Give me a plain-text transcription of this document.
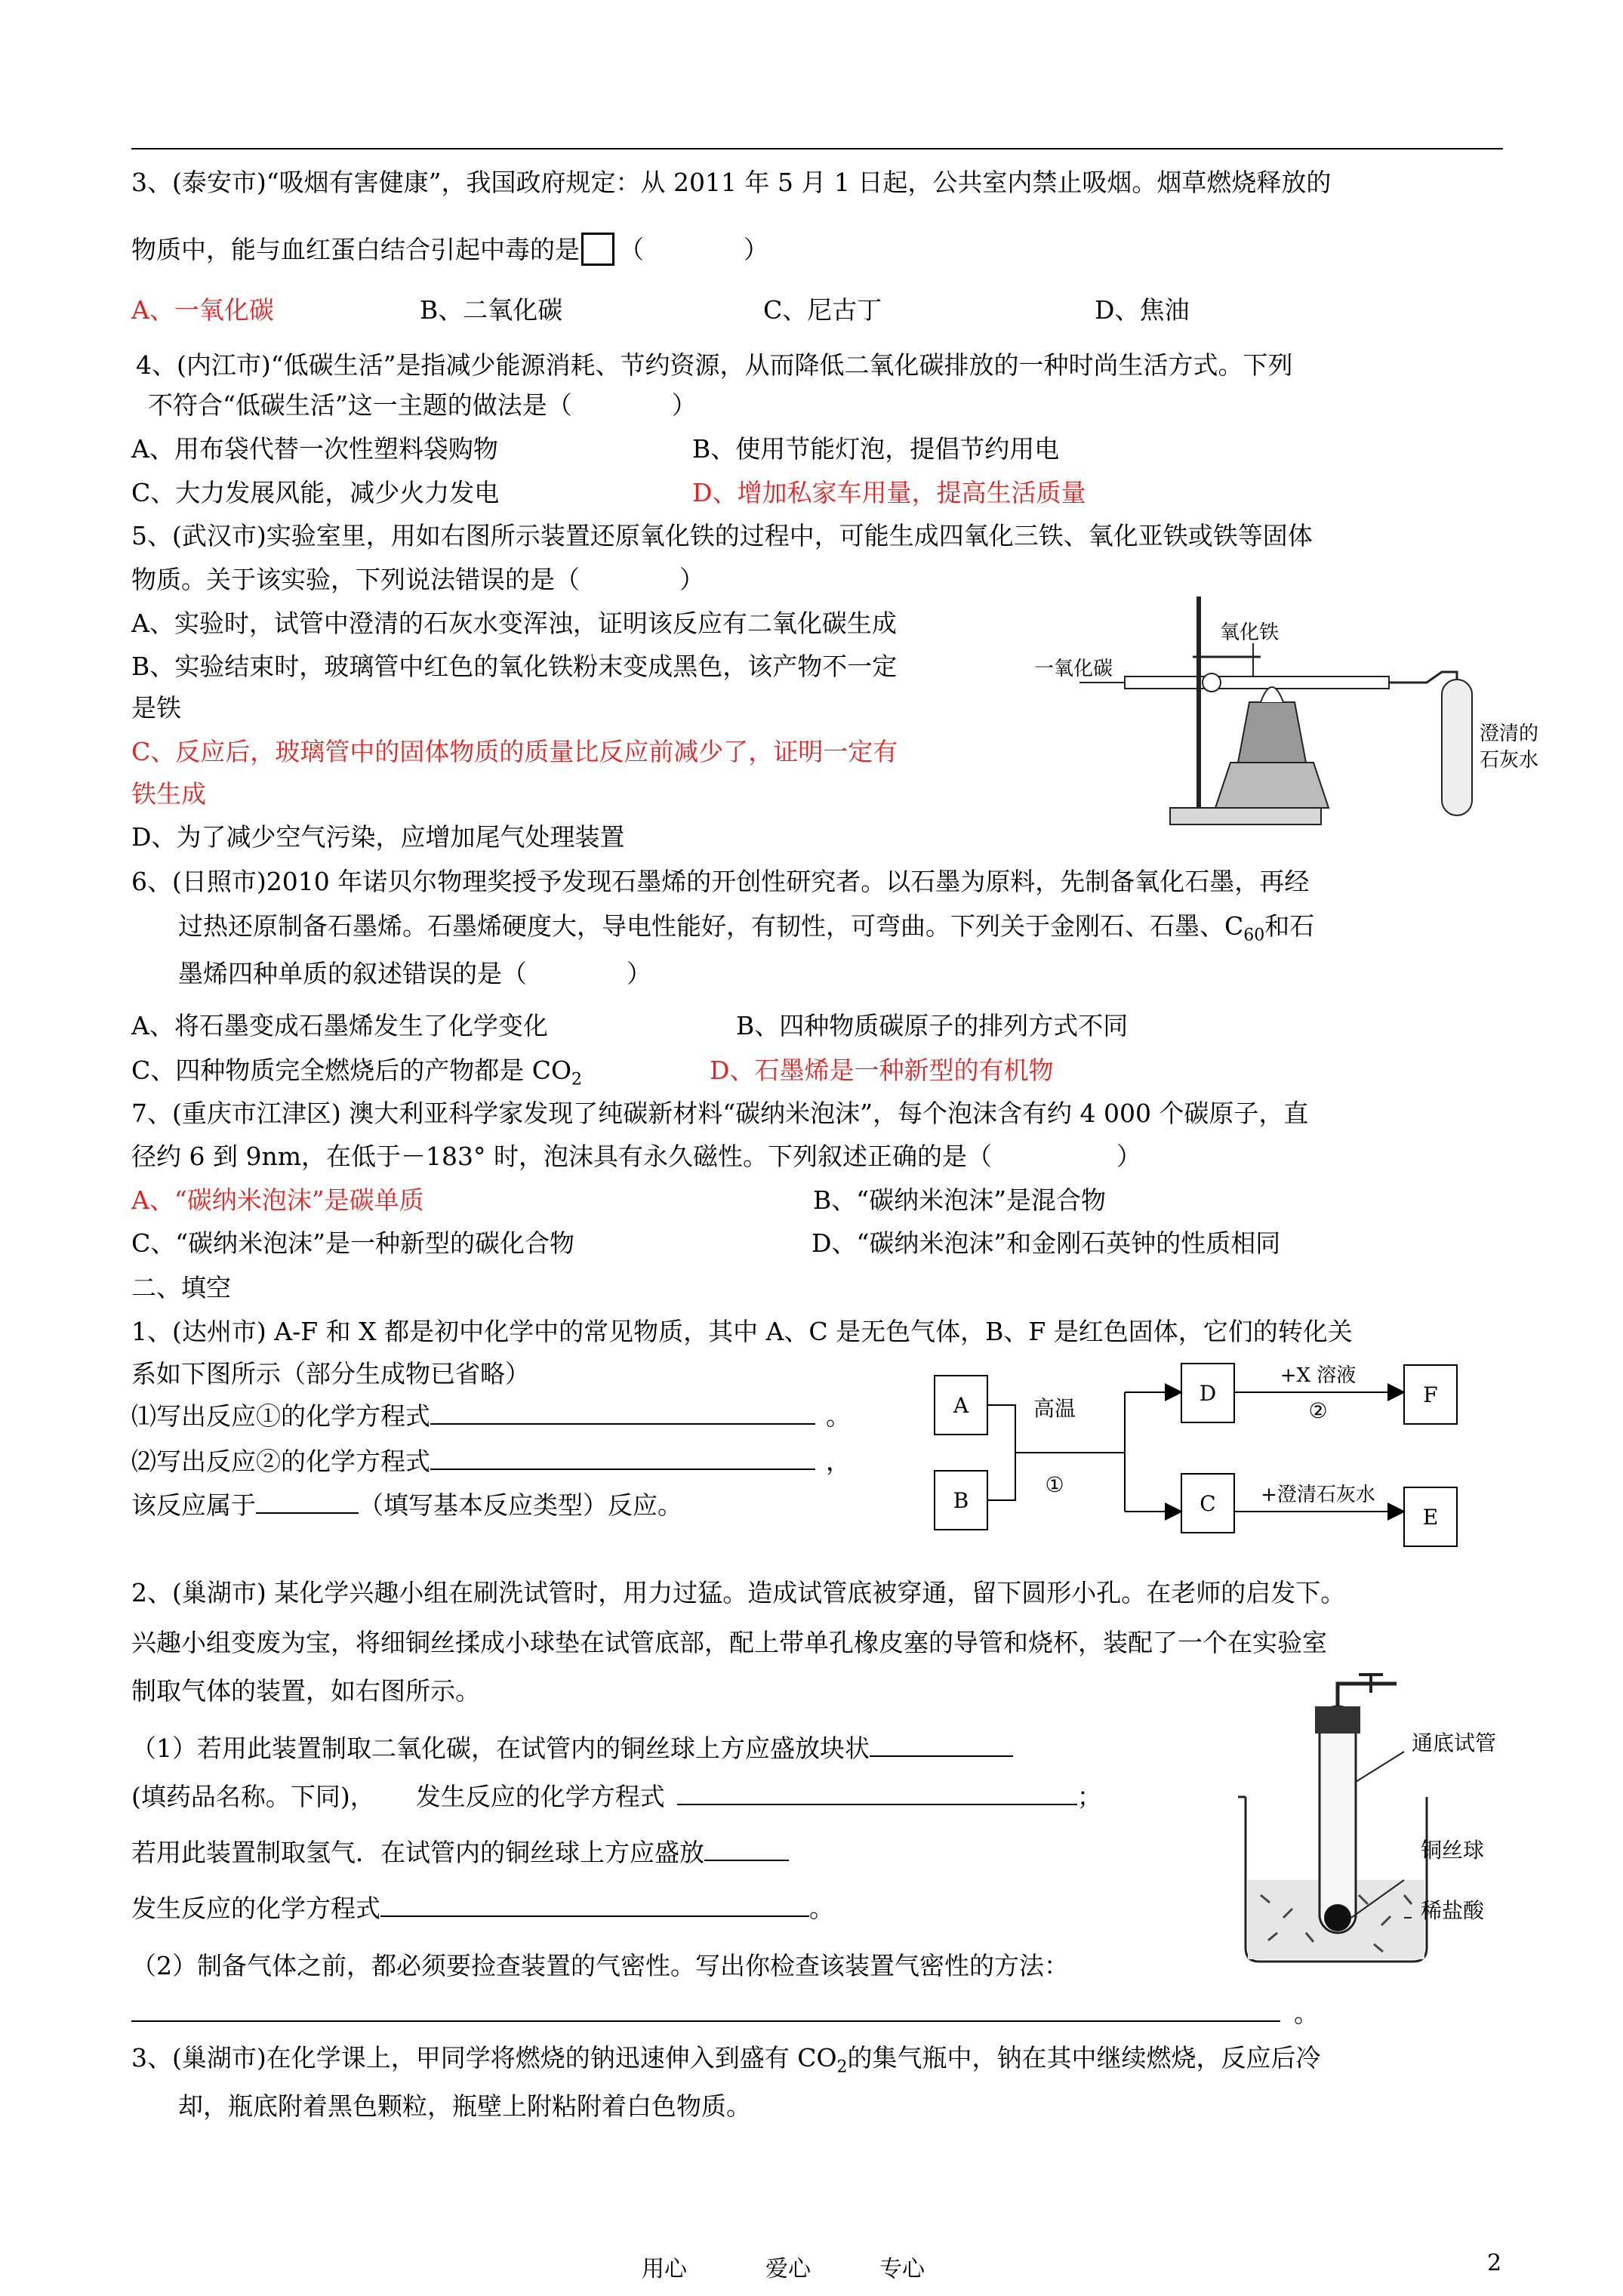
3、(泰安市)“吸烟有害健康”，我国政府规定：从 2011 年 5 月 1 日起，公共室内禁止吸烟。烟草燃烧释放的
物质中，能与血红蛋白结合引起中毒的是 （　　　　）
A、一氧化碳	B、二氧化碳	C、尼古丁	D、焦油
4、(内江市)“低碳生活”是指减少能源消耗、节约资源，从而降低二氧化碳排放的一种时尚生活方式。下列
不符合“低碳生活”这一主题的做法是（　　　　）
A、用布袋代替一次性塑料袋购物	B、使用节能灯泡，提倡节约用电
C、大力发展风能，减少火力发电	D、增加私家车用量，提高生活质量
5、(武汉市)实验室里，用如右图所示装置还原氧化铁的过程中，可能生成四氧化三铁、氧化亚铁或铁等固体
物质。关于该实验，下列说法错误的是（　　　　）
A、实验时，试管中澄清的石灰水变浑浊，证明该反应有二氧化碳生成
B、实验结束时，玻璃管中红色的氧化铁粉末变成黑色，该产物不一定
是铁
C、反应后，玻璃管中的固体物质的质量比反应前减少了，证明一定有
铁生成
D、为了减少空气污染，应增加尾气处理装置
一氧化碳
氧化铁
澄清的
石灰水
6、(日照市)2010 年诺贝尔物理奖授予发现石墨烯的开创性研究者。以石墨为原料，先制备氧化石墨，再经
过热还原制备石墨烯。石墨烯硬度大，导电性能好，有韧性，可弯曲。下列关于金刚石、石墨、$C_{60}$和石
墨烯四种单质的叙述错误的是（　　　　）
A、将石墨变成石墨烯发生了化学变化	B、四种物质碳原子的排列方式不同
C、四种物质完全燃烧后的产物都是 $CO_2$	D、石墨烯是一种新型的有机物
7、(重庆市江津区) 澳大利亚科学家发现了纯碳新材料“碳纳米泡沫”，每个泡沫含有约 4 000 个碳原子，直
径约 6 到 9nm，在低于－183° 时，泡沫具有永久磁性。下列叙述正确的是（　　　　　）
A、“碳纳米泡沫”是碳单质	B、“碳纳米泡沫”是混合物
C、“碳纳米泡沫”是一种新型的碳化合物	D、“碳纳米泡沫”和金刚石英钟的性质相同
二、填空
1、(达州市) A-F 和 X 都是初中化学中的常见物质，其中 A、C 是无色气体，B、F 是红色固体，它们的转化关
系如下图所示（部分生成物已省略）
⑴写出反应①的化学方程式	。
⑵写出反应②的化学方程式	，
该反应属于	（填写基本反应类型）反应。
A
B
D
C
F
E
高温
①
+X 溶液
②
+澄清石灰水
2、(巢湖市) 某化学兴趣小组在刷洗试管时，用力过猛。造成试管底被穿通，留下圆形小孔。在老师的启发下。
兴趣小组变废为宝，将细铜丝揉成小球垫在试管底部，配上带单孔橡皮塞的导管和烧杯，装配了一个在实验室
制取气体的装置，如右图所示。
（1）若用此装置制取二氧化碳，在试管内的铜丝球上方应盛放块状
(填药品名称。下同)， 发生反应的化学方程式	；
若用此装置制取氢气．在试管内的铜丝球上方应盛放
发生反应的化学方程式	。
（2）制备气体之前，都必须要捡查装置的气密性。写出你检查该装置气密性的方法：
。
通底试管
铜丝球
稀盐酸
3、(巢湖市)在化学课上，甲同学将燃烧的钠迅速伸入到盛有 $CO_2$的集气瓶中，钠在其中继续燃烧，反应后冷
却，瓶底附着黑色颗粒，瓶壁上附粘附着白色物质。
用心	爱心	专心	2
